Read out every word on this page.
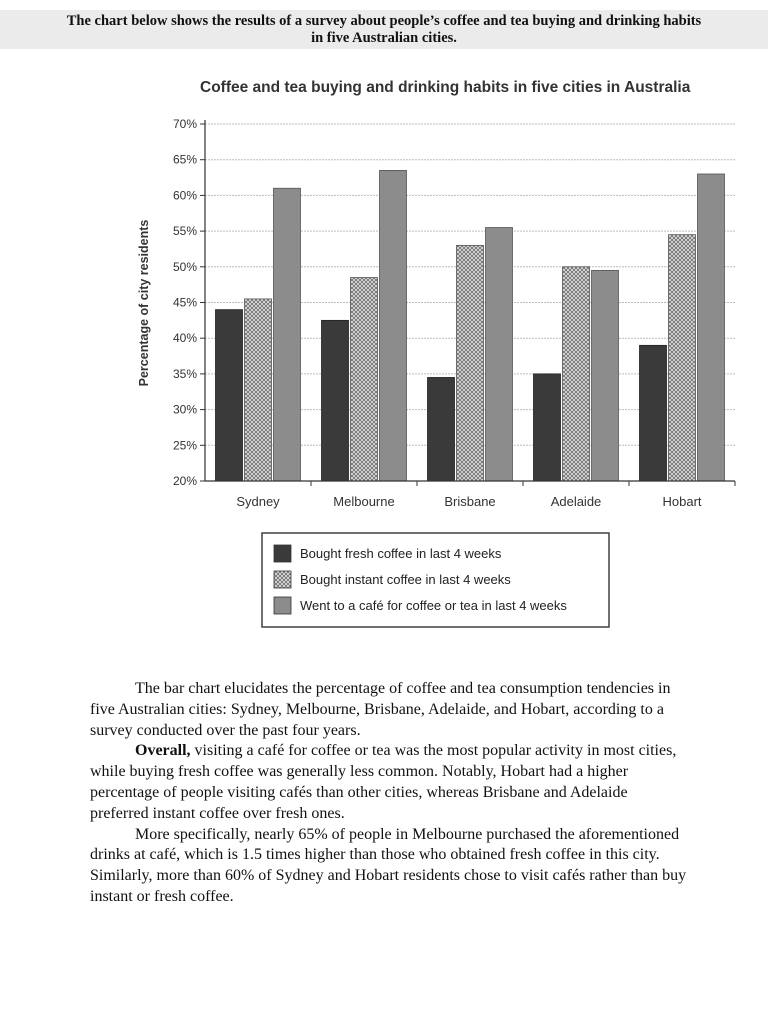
The chart below shows the results of a survey about people’s coffee and tea buying and drinking habits
in five Australian cities.
Coffee and tea buying and drinking habits in five cities in Australia
Percentage of city residents
20%
25%
30%
35%
40%
45%
50%
55%
60%
65%
70%
Sydney	Melbourne	Brisbane	Adelaide	Hobart
Bought fresh coffee in last 4 weeks
Bought instant coffee in last 4 weeks
Went to a café for coffee or tea in last 4 weeks

The bar chart elucidates the percentage of coffee and tea consumption tendencies in five Australian cities: Sydney, Melbourne, Brisbane, Adelaide, and Hobart, according to a survey conducted over the past four years.

Overall, visiting a café for coffee or tea was the most popular activity in most cities, while buying fresh coffee was generally less common. Notably, Hobart had a higher percentage of people visiting cafés than other cities, whereas Brisbane and Adelaide preferred instant coffee over fresh ones.

More specifically, nearly 65% of people in Melbourne purchased the aforementioned drinks at café, which is 1.5 times higher than those who obtained fresh coffee in this city. Similarly, more than 60% of Sydney and Hobart residents chose to visit cafés rather than buy instant or fresh coffee.
